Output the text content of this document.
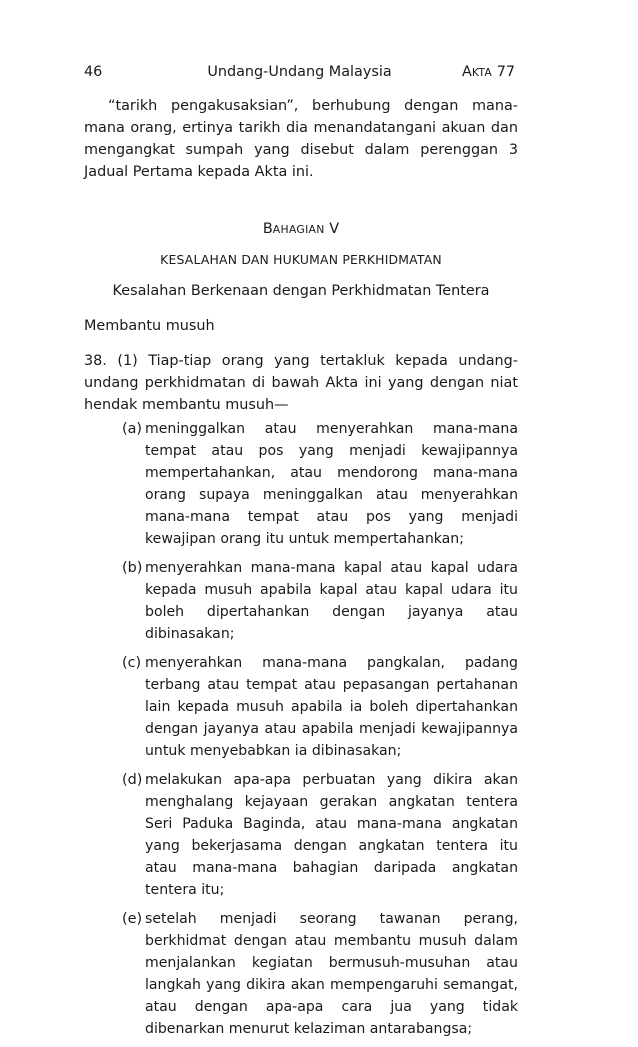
46	Undang-Undang Malaysia	AKTA 77

“tarikh pengakusaksian”, berhubung dengan mana-mana orang, ertinya tarikh dia menandatangani akuan dan mengangkat sumpah yang disebut dalam perenggan 3 Jadual Pertama kepada Akta ini.

BAHAGIAN V

KESALAHAN DAN HUKUMAN PERKHIDMATAN

Kesalahan Berkenaan dengan Perkhidmatan Tentera

Membantu musuh

38. (1) Tiap-tiap orang yang tertakluk kepada undang-undang perkhidmatan di bawah Akta ini yang dengan niat hendak membantu musuh—

(a) meninggalkan atau menyerahkan mana-mana tempat atau pos yang menjadi kewajipannya mempertahankan, atau mendorong mana-mana orang supaya meninggalkan atau menyerahkan mana-mana tempat atau pos yang menjadi kewajipan orang itu untuk mempertahankan;

(b) menyerahkan mana-mana kapal atau kapal udara kepada musuh apabila kapal atau kapal udara itu boleh dipertahankan dengan jayanya atau dibinasakan;

(c) menyerahkan mana-mana pangkalan, padang terbang atau tempat atau pepasangan pertahanan lain kepada musuh apabila ia boleh dipertahankan dengan jayanya atau apabila menjadi kewajipannya untuk menyebabkan ia dibinasakan;

(d) melakukan apa-apa perbuatan yang dikira akan menghalang kejayaan gerakan angkatan tentera Seri Paduka Baginda, atau mana-mana angkatan yang bekerjasama dengan angkatan tentera itu atau mana-mana bahagian daripada angkatan tentera itu;

(e) setelah menjadi seorang tawanan perang, berkhidmat dengan atau membantu musuh dalam menjalankan kegiatan bermusuh-musuhan atau langkah yang dikira akan mempengaruhi semangat, atau dengan apa-apa cara jua yang tidak dibenarkan menurut kelaziman antarabangsa;
